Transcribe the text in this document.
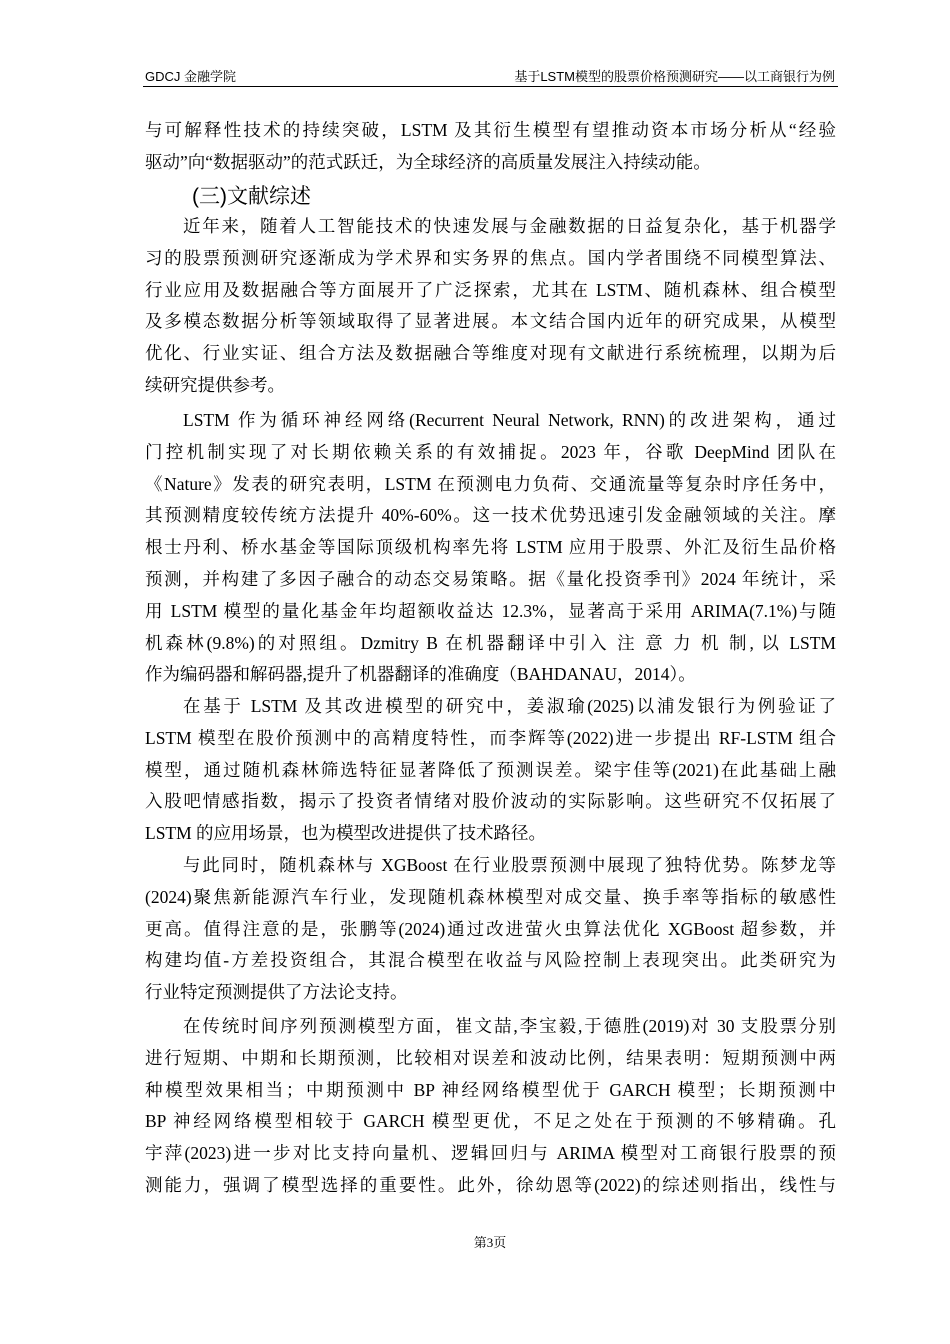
GDCJ 金融学院	基于LSTM模型的股票价格预测研究——以工商银行为例
与可解释性技术的持续突破，LSTM 及其衍生模型有望推动资本市场分析从“经验
驱动”向“数据驱动”的范式跃迁，为全球经济的高质量发展注入持续动能。
(三)文献综述
近年来，随着人工智能技术的快速发展与金融数据的日益复杂化，基于机器学
习的股票预测研究逐渐成为学术界和实务界的焦点。国内学者围绕不同模型算法、
行业应用及数据融合等方面展开了广泛探索，尤其在 LSTM、随机森林、组合模型
及多模态数据分析等领域取得了显著进展。本文结合国内近年的研究成果，从模型
优化、行业实证、组合方法及数据融合等维度对现有文献进行系统梳理，以期为后
续研究提供参考。
LSTM 作为循环神经网络(Recurrent Neural Network, RNN)的改进架构，通过
门控机制实现了对长期依赖关系的有效捕捉。2023 年，谷歌 DeepMind 团队在
《Nature》发表的研究表明，LSTM 在预测电力负荷、交通流量等复杂时序任务中，
其预测精度较传统方法提升 40%-60%。这一技术优势迅速引发金融领域的关注。摩
根士丹利、桥水基金等国际顶级机构率先将 LSTM 应用于股票、外汇及衍生品价格
预测，并构建了多因子融合的动态交易策略。据《量化投资季刊》2024 年统计，采
用 LSTM 模型的量化基金年均超额收益达 12.3%，显著高于采用 ARIMA(7.1%)与随
机森林(9.8%)的对照组。Dzmitry B 在机器翻译中引入 注 意 力 机 制, 以 LSTM
作为编码器和解码器,提升了机器翻译的准确度（BAHDANAU，2014）。
在基于 LSTM 及其改进模型的研究中，姜淑瑜(2025)以浦发银行为例验证了
LSTM 模型在股价预测中的高精度特性，而李辉等(2022)进一步提出 RF-LSTM 组合
模型，通过随机森林筛选特征显著降低了预测误差。梁宇佳等(2021)在此基础上融
入股吧情感指数，揭示了投资者情绪对股价波动的实际影响。这些研究不仅拓展了
LSTM 的应用场景，也为模型改进提供了技术路径。
与此同时，随机森林与 XGBoost 在行业股票预测中展现了独特优势。陈梦龙等
(2024)聚焦新能源汽车行业，发现随机森林模型对成交量、换手率等指标的敏感性
更高。值得注意的是，张鹏等(2024)通过改进萤火虫算法优化 XGBoost 超参数，并
构建均值-方差投资组合，其混合模型在收益与风险控制上表现突出。此类研究为
行业特定预测提供了方法论支持。
在传统时间序列预测模型方面，崔文喆,李宝毅,于德胜(2019)对 30 支股票分别
进行短期、中期和长期预测，比较相对误差和波动比例，结果表明：短期预测中两
种模型效果相当；中期预测中 BP 神经网络模型优于 GARCH 模型；长期预测中
BP 神经网络模型相较于 GARCH 模型更优，不足之处在于预测的不够精确。孔
宇萍(2023)进一步对比支持向量机、逻辑回归与 ARIMA 模型对工商银行股票的预
测能力，强调了模型选择的重要性。此外，徐幼恩等(2022)的综述则指出，线性与
第3页
